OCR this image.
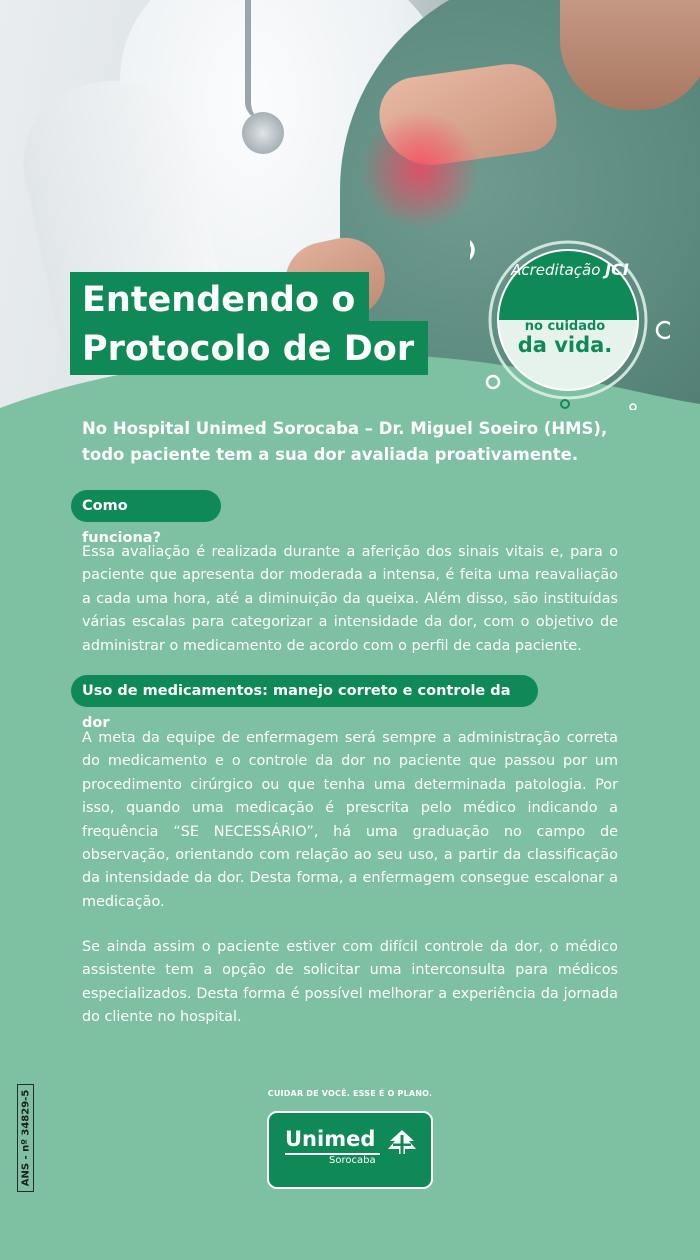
Acreditação JCI
Excelência
no cuidado
da vida.
Entendendo o
Protocolo de Dor
No Hospital Unimed Sorocaba – Dr. Miguel Soeiro (HMS), todo paciente tem a sua dor avaliada proativamente.
Como funciona?
Essa avaliação é realizada durante a aferição dos sinais vitais e, para o paciente que apresenta dor moderada a intensa, é feita uma reavaliação a cada uma hora, até a diminuição da queixa. Além disso, são instituídas várias escalas para categorizar a intensidade da dor, com o objetivo de administrar o medicamento de acordo com o perfil de cada paciente.
Uso de medicamentos: manejo correto e controle da dor
A meta da equipe de enfermagem será sempre a administração correta do medicamento e o controle da dor no paciente que passou por um procedimento cirúrgico ou que tenha uma determinada patologia. Por isso, quando uma medicação é prescrita pelo médico indicando a frequência “SE NECESSÁRIO”, há uma graduação no campo de observação, orientando com relação ao seu uso, a partir da classificação da intensidade da dor. Desta forma, a enfermagem consegue escalonar a medicação.
Se ainda assim o paciente estiver com difícil controle da dor, o médico assistente tem a opção de solicitar uma interconsulta para médicos especializados. Desta forma é possível melhorar a experiência da jornada do cliente no hospital.
ANS - nº 34829-5	CUIDAR DE VOCÊ. ESSE É O PLANO.
Unimed
Sorocaba
